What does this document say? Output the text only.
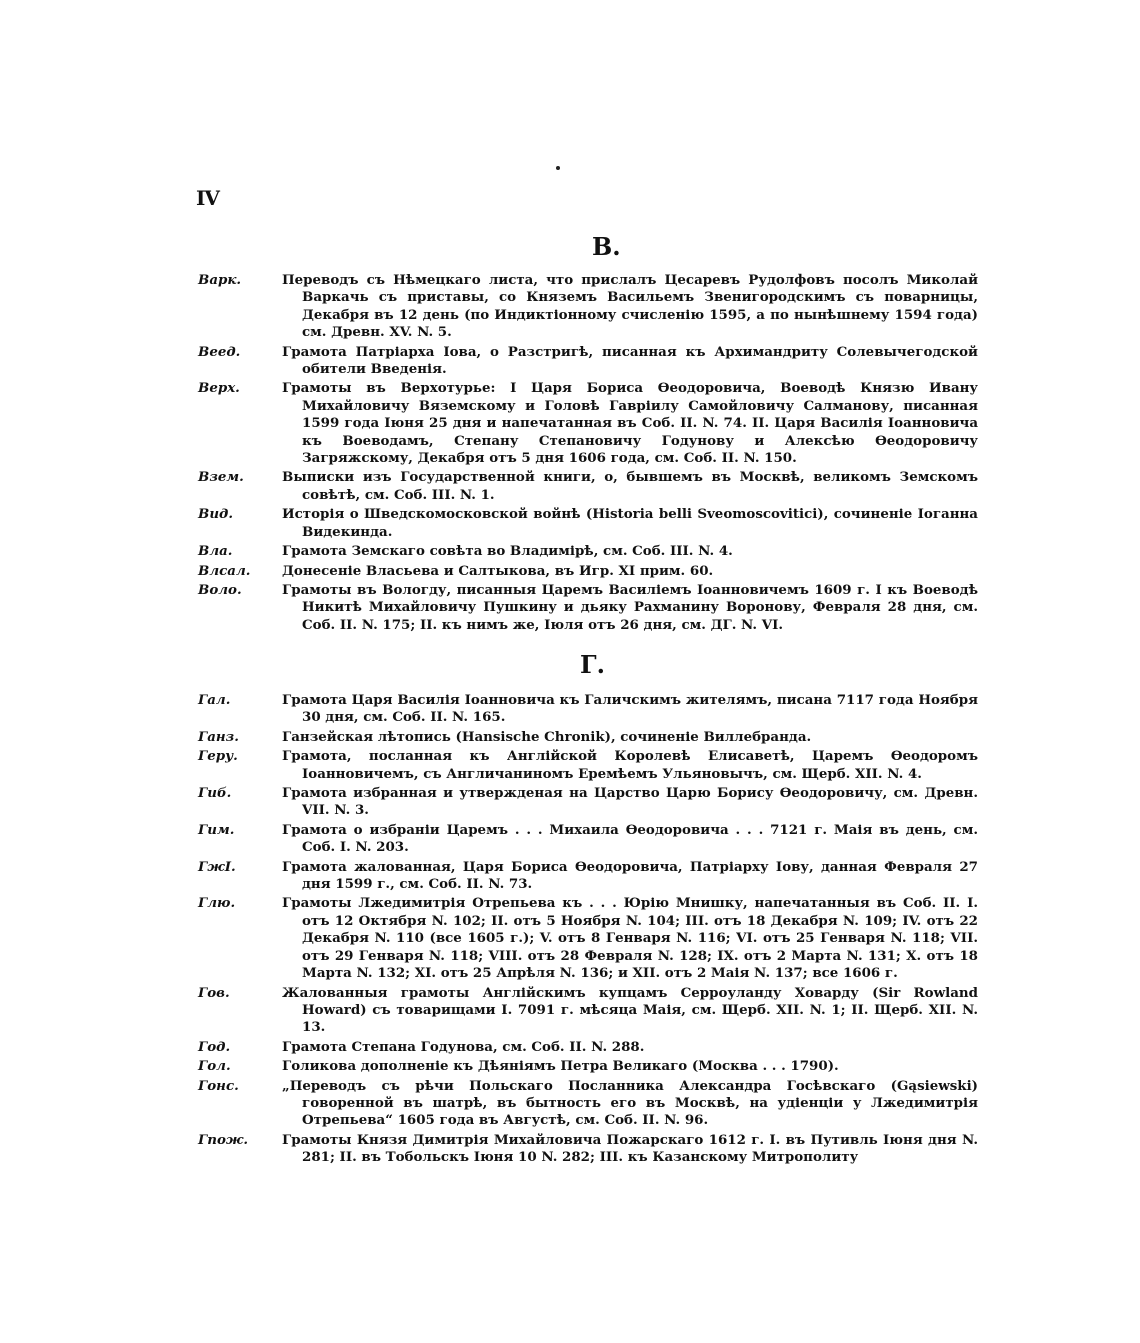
IV
В.
Варк.	Переводъ съ Нѣмецкаго листа, что прислалъ Цесаревъ Рудолфовъ посолъ Миколай Варкачь съ приставы, со Княземъ Васильемъ Звенигородскимъ съ поварницы, Декабря въ 12 день (по Индиктіонному счисленію 1595, а по нынѣшнему 1594 года) см. Древн. XV. N. 5.
Вeед.	Грамота Патріарха Іова, о Разстригѣ, писанная къ Архимандриту Солевычегодской обители Введенія.
Верх.	Грамоты въ Верхотурье: I Царя Бориса Ѳеодоровича, Воеводѣ Князю Ивану Михайловичу Вяземскому и Головѣ Гавріилу Самойловичу Салманову, писанная 1599 года Іюня 25 дня и напечатанная въ Соб. II. N. 74. II. Царя Василія Іоанновича къ Воеводамъ, Степану Степановичу Годунову и Алексѣю Ѳеодоровичу Загряжскому, Декабря отъ 5 дня 1606 года, см. Соб. II. N. 150.
Взем.	Выписки изъ Государственной книги, о, бывшемъ въ Москвѣ, великомъ Земскомъ совѣтѣ, см. Соб. III. N. 1.
Вид.	Исторія о Шведскомосковской войнѣ (Historia belli Sveomoscovitici), сочиненіе Іоганна Видекинда.
Вла.	Грамота Земскаго совѣта во Владимірѣ, см. Соб. III. N. 4.
Влсал.	Донесеніе Власьева и Салтыкова, въ Игр. XI прим. 60.
Воло.	Грамоты въ Вологду, писанныя Царемъ Василіемъ Іоанновичемъ 1609 г. I къ Воеводѣ Никитѣ Михайловичу Пушкину и дьяку Рахманину Воронову, Февраля 28 дня, см. Соб. II. N. 175; II. къ нимъ же, Іюля отъ 26 дня, см. ДГ. N. VI.
Г.
Гал.	Грамота Царя Василія Іоанновича къ Галичскимъ жителямъ, писана 7117 года Ноября 30 дня, см. Соб. II. N. 165.
Ганз.	Ганзейская лѣтопись (Hansische Chronik), сочиненіе Виллебранда.
Геру.	Грамота, посланная къ Англійской Королевѣ Елисаветѣ, Царемъ Ѳеодоромъ Іоанновичемъ, съ Англичаниномъ Еремѣемъ Ульяновычъ, см. Щерб. XII. N. 4.
Гиб.	Грамота избранная и утвержденая на Царство Царю Борису Ѳеодоровичу, см. Древн. VII. N. 3.
Гим.	Грамота о избраніи Царемъ . . . Михаила Ѳеодоровича . . . 7121 г. Маія въ день, см. Соб. I. N. 203.
ГжІ.	Грамота жалованная, Царя Бориса Ѳеодоровича, Патріарху Іову, данная Февраля 27 дня 1599 г., см. Соб. II. N. 73.
Глю.	Грамоты Лжедимитрія Отрепьева къ . . . Юрію Мнишку, напечатанныя въ Соб. II. I. отъ 12 Октября N. 102; II. отъ 5 Ноября N. 104; III. отъ 18 Декабря N. 109; IV. отъ 22 Декабря N. 110 (все 1605 г.); V. отъ 8 Генваря N. 116; VI. отъ 25 Генваря N. 118; VII. отъ 29 Генваря N. 118; VIII. отъ 28 Февраля N. 128; IX. отъ 2 Марта N. 131; X. отъ 18 Марта N. 132; XI. отъ 25 Апрѣля N. 136; и XII. отъ 2 Маія N. 137; все 1606 г.
Гов.	Жалованныя грамоты Англійскимъ купцамъ Серроуланду Ховарду (Sir Rowland Howard) съ товарищами I. 7091 г. мѣсяца Маія, см. Щерб. XII. N. 1; II. Щерб. XII. N. 13.
Год.	Грамота Степана Годунова, см. Соб. II. N. 288.
Гол.	Голикова дополненіе къ Дѣяніямъ Петра Великаго (Москва . . . 1790).
Гонс.	„Переводъ съ рѣчи Польскаго Посланника Александра Госѣвскаго (Gąsiewski) говоренной въ шатрѣ, въ бытность его въ Москвѣ, на удіенціи у Лжедимитрія Отрепьева“ 1605 года въ Августѣ, см. Соб. II. N. 96.
Гпож.	Грамоты Князя Димитрія Михайловича Пожарскаго 1612 г. I. въ Путивль Іюня дня N. 281; II. въ Тобольскъ Іюня 10 N. 282; III. къ Казанскому Митрополиту
